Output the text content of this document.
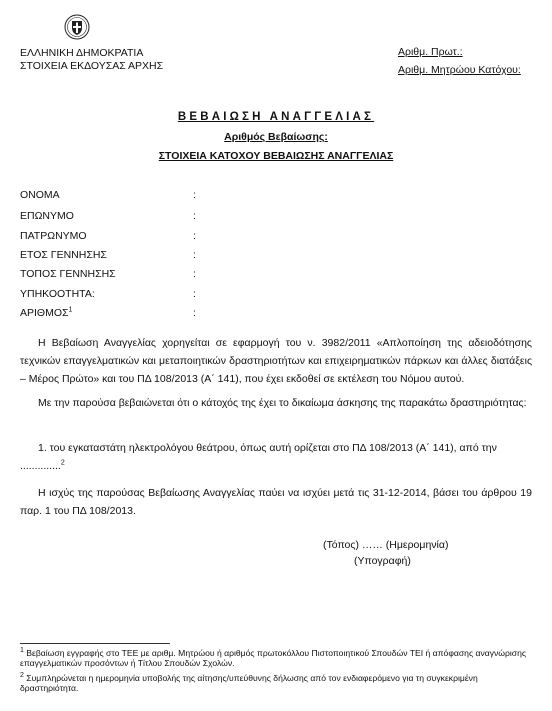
ΕΛΛΗΝΙΚΗ ΔΗΜΟΚΡΑΤΙΑ
ΣΤΟΙΧΕΙΑ ΕΚΔΟΥΣΑΣ ΑΡΧΗΣ
Αριθμ. Πρωτ.:
Αριθμ. Μητρώου Κατόχου:
ΒΕΒΑΙΩΣΗ ΑΝΑΓΓΕΛΙΑΣ
Αριθμός Βεβαίωσης:
ΣΤΟΙΧΕΙΑ ΚΑΤΟΧΟΥ ΒΕΒΑΙΩΣΗΣ ΑΝΑΓΓΕΛΙΑΣ
ΟΝΟΜΑ	:
ΕΠΩΝΥΜΟ	:
ΠΑΤΡΩΝΥΜΟ	:
ΕΤΟΣ ΓΕΝΝΗΣΗΣ	:
ΤΟΠΟΣ ΓΕΝΝΗΣΗΣ	:
ΥΠΗΚΟΟΤΗΤΑ:	:
ΑΡΙΘΜΟΣ$^1$	:
Η Βεβαίωση Αναγγελίας χορηγείται σε εφαρμογή του ν. 3982/2011 «Απλοποίηση της αδειοδότησης τεχνικών επαγγελματικών και μεταποιητικών δραστηριοτήτων και επιχειρηματικών πάρκων και άλλες διατάξεις – Μέρος Πρώτο» και του ΠΔ 108/2013 (Α΄ 141), που έχει εκδοθεί σε εκτέλεση του Νόμου αυτού.
Με την παρούσα βεβαιώνεται ότι ο κάτοχός της έχει το δικαίωμα άσκησης της παρακάτω δραστηριότητας:
1. του εγκαταστάτη ηλεκτρολόγου θεάτρου, όπως αυτή ορίζεται στο ΠΔ 108/2013 (Α΄ 141), από την
..............$^2$
Η ισχύς της παρούσας Βεβαίωσης Αναγγελίας παύει να ισχύει μετά τις 31-12-2014, βάσει του άρθρου 19 παρ. 1 του ΠΔ 108/2013.
(Τόπος) …… (Ημερομηνία)
(Υπογραφή)
$^1$ Βεβαίωση εγγραφής στο ΤΕΕ με αριθμ. Μητρώου ή αριθμός πρωτοκόλλου Πιστοποιητικού Σπουδών ΤΕΙ ή απόφασης αναγνώρισης επαγγελματικών προσόντων ή Τίτλου Σπουδών Σχολών.
$^2$ Συμπληρώνεται η ημερομηνία υποβολής της αίτησης/υπεύθυνης δήλωσης από τον ενδιαφερόμενο για τη συγκεκριμένη δραστηριότητα.
